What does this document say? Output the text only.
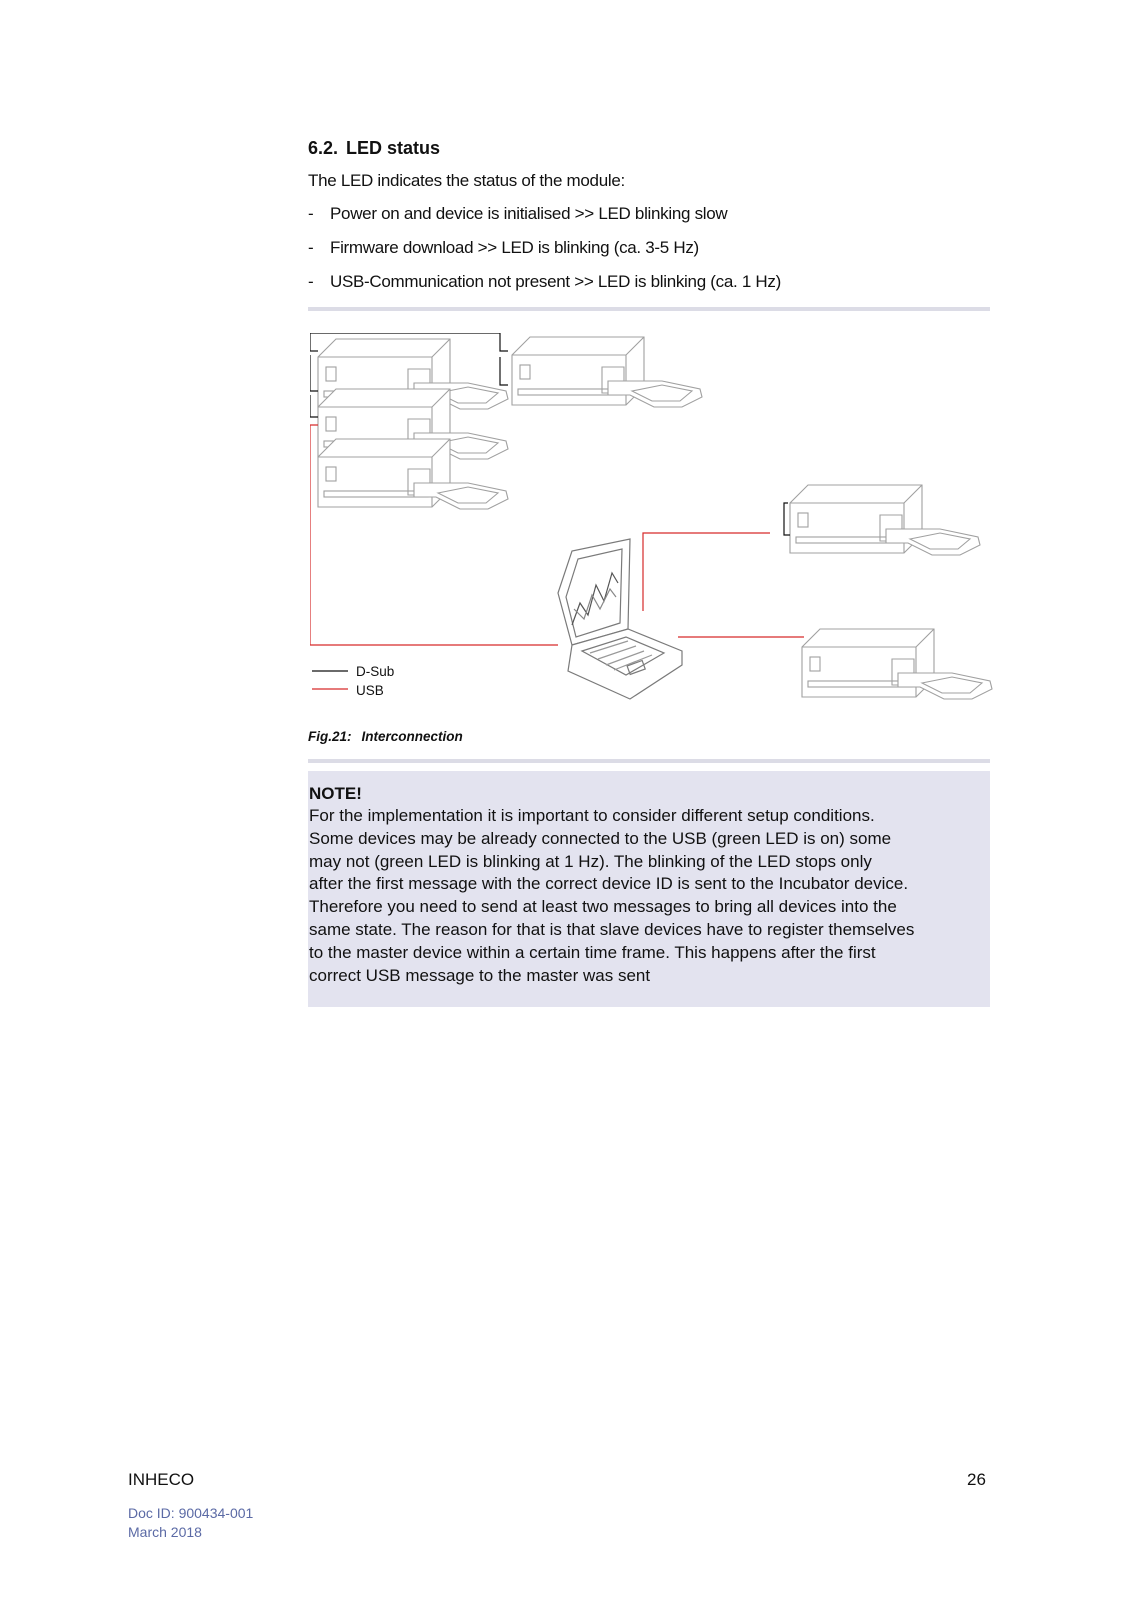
6.2. LED status
The LED indicates the status of the module:
- Power on and device is initialised >> LED blinking slow
- Firmware download >> LED is blinking (ca. 3-5 Hz)
- USB-Communication not present >> LED is blinking (ca. 1 Hz)
D-Sub
USB
Fig.21: Interconnection
NOTE!
For the implementation it is important to consider different setup conditions.
Some devices may be already connected to the USB (green LED is on) some
may not (green LED is blinking at 1 Hz). The blinking of the LED stops only
after the first message with the correct device ID is sent to the Incubator device.
Therefore you need to send at least two messages to bring all devices into the
same state. The reason for that is that slave devices have to register themselves
to the master device within a certain time frame. This happens after the first
correct USB message to the master was sent
INHECO	26
Doc ID: 900434-001
March 2018
